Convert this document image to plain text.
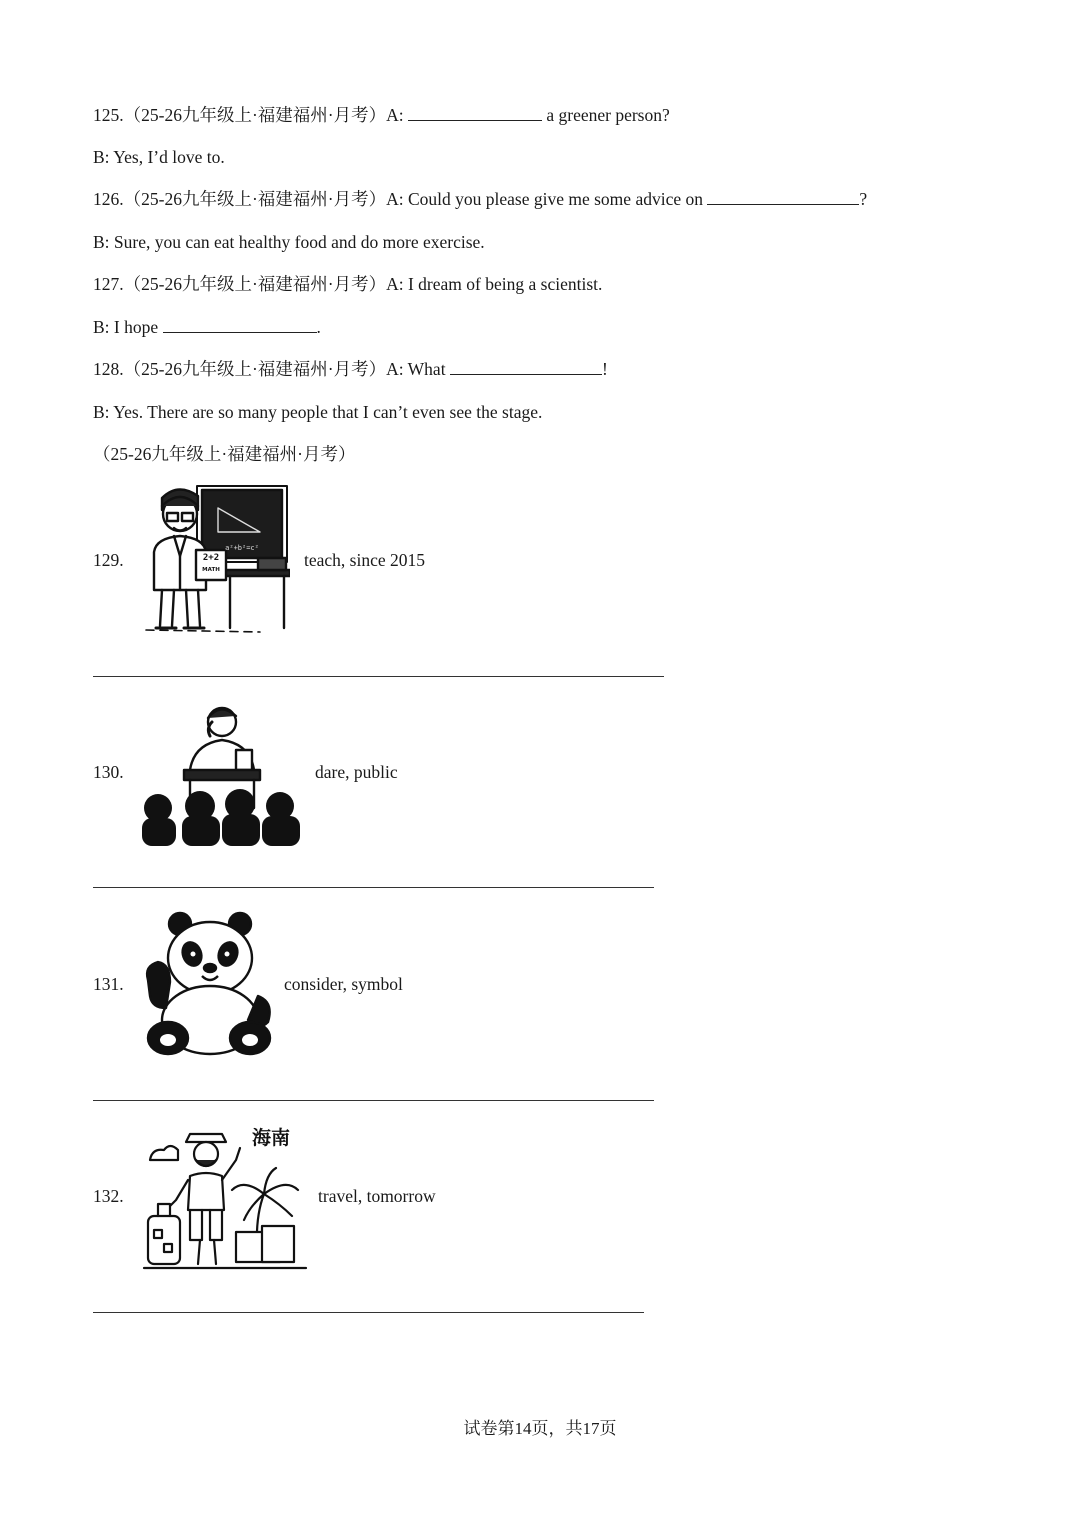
125.（25-26九年级上·福建福州·月考）A:	a greener person?
B: Yes, I’d love to.
126.（25-26九年级上·福建福州·月考）A: Could you please give me some advice on	?
B: Sure, you can eat healthy food and do more exercise.
127.（25-26九年级上·福建福州·月考）A: I dream of being a scientist.
B: I hope	.
128.（25-26九年级上·福建福州·月考）A: What	!
B: Yes. There are so many people that I can’t even see the stage.
（25-26九年级上·福建福州·月考）
129.	2+2
MATH
a²+b²=c²
teach, since 2015
130.	dare, public
131.	consider, symbol
132.
海南
travel, tomorrow
试卷第14页，共17页
